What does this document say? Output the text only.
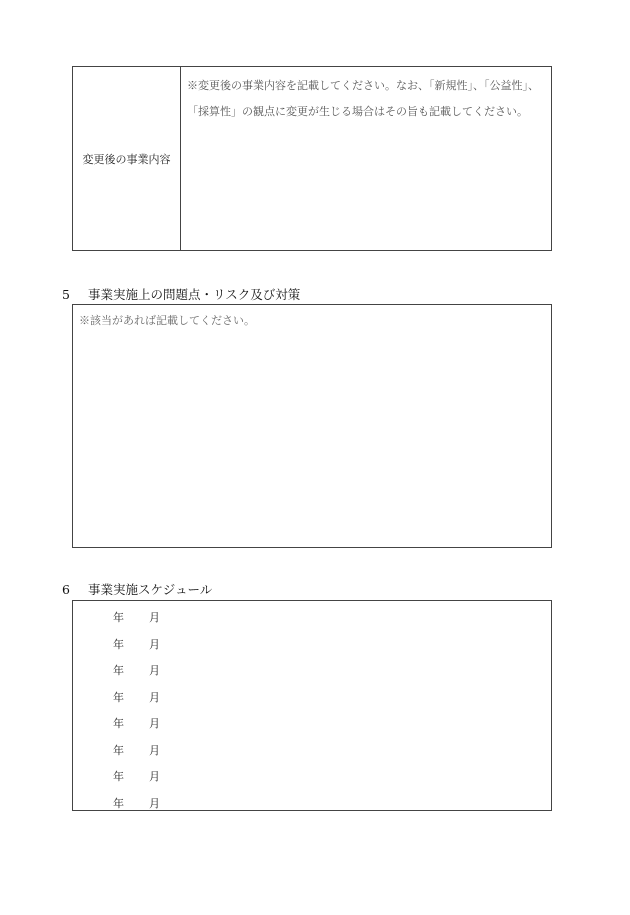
変更後の事業内容

※変更後の事業内容を記載してください。なお、「新規性」、「公益性」、

「採算性」の観点に変更が生じる場合はその旨も記載してください。

5 事業実施上の問題点・リスク及び対策
※該当があれば記載してください。
6 事業実施スケジュール
年 月
年 月
年 月
年 月
年 月
年 月
年 月
年 月
